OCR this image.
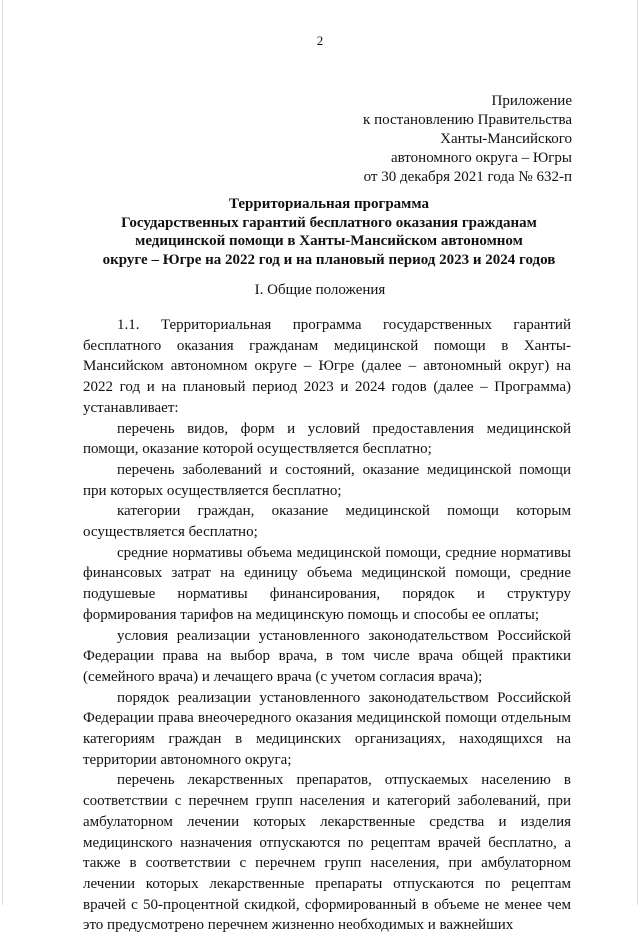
2
Приложение
к постановлению Правительства
Ханты-Мансийского
автономного округа – Югры
от 30 декабря 2021 года № 632-п
Территориальная программа
Государственных гарантий бесплатного оказания гражданам
медицинской помощи в Ханты-Мансийском автономном
округе – Югре на 2022 год и на плановый период 2023 и 2024 годов
I. Общие положения

1.1. Территориальная программа государственных гарантий бесплатного оказания гражданам медицинской помощи в Ханты-Мансийском автономном округе – Югре (далее – автономный округ) на 2022 год и на плановый период 2023 и 2024 годов (далее – Программа) устанавливает:

перечень видов, форм и условий предоставления медицинской помощи, оказание которой осуществляется бесплатно;

перечень заболеваний и состояний, оказание медицинской помощи при которых осуществляется бесплатно;

категории граждан, оказание медицинской помощи которым осуществляется бесплатно;

средние нормативы объема медицинской помощи, средние нормативы финансовых затрат на единицу объема медицинской помощи, средние подушевые нормативы финансирования, порядок и структуру формирования тарифов на медицинскую помощь и способы ее оплаты;

условия реализации установленного законодательством Российской Федерации права на выбор врача, в том числе врача общей практики (семейного врача) и лечащего врача (с учетом согласия врача);

порядок реализации установленного законодательством Российской Федерации права внеочередного оказания медицинской помощи отдельным категориям граждан в медицинских организациях, находящихся на территории автономного округа;

перечень лекарственных препаратов, отпускаемых населению в соответствии с перечнем групп населения и категорий заболеваний, при амбулаторном лечении которых лекарственные средства и изделия медицинского назначения отпускаются по рецептам врачей бесплатно, а также в соответствии с перечнем групп населения, при амбулаторном лечении которых лекарственные препараты отпускаются по рецептам врачей с 50-процентной скидкой, сформированный в объеме не менее чем это предусмотрено перечнем жизненно необходимых и важнейших
